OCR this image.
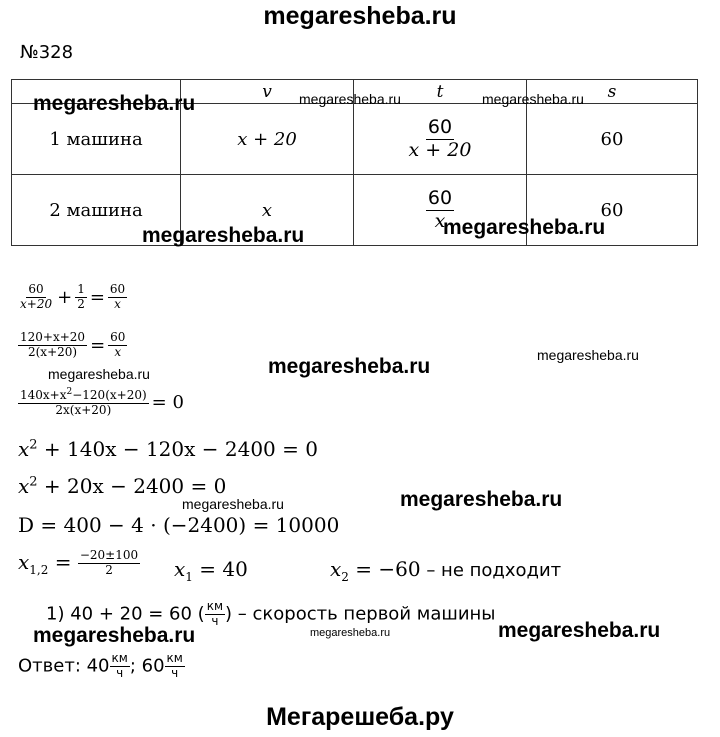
megaresheba.ru
№328
	v	t	s
1 машина	x + 20	$\frac{60}{x + 20}$	60
2 машина	x	$\frac{60}{x}$	60
$\frac{60}{x+20} + \frac{1}{2} = \frac{60}{x}$
$\frac{120+x+20}{2(x+20)} = \frac{60}{x}$
$\frac{140x+x^2-120(x+20)}{2x(x+20)} = 0$
$x^2 + 140x - 120x - 2400 = 0$
$x^2 + 20x - 2400 = 0$
D = 400 − 4 · (−2400) = 10000
$x_{1,2} = \frac{-20\pm 100}{2} x_1 = 40$	$x_2 = -60$ – не подходит
1) 40 + 20 = 60 ( $\frac{км}{ч}$ ) – скорость первой машины
Ответ: $40 \frac{км}{ч}$ ; $60 \frac{км}{ч}$
megaresheba.ru	megaresheba.ru	megaresheba.ru
megaresheba.ru	megaresheba.ru
megaresheba.ru
megaresheba.ru
megaresheba.ru
megaresheba.ru	megaresheba.ru
megaresheba.ru	megaresheba.ru	megaresheba.ru
Мегарешеба.ру
